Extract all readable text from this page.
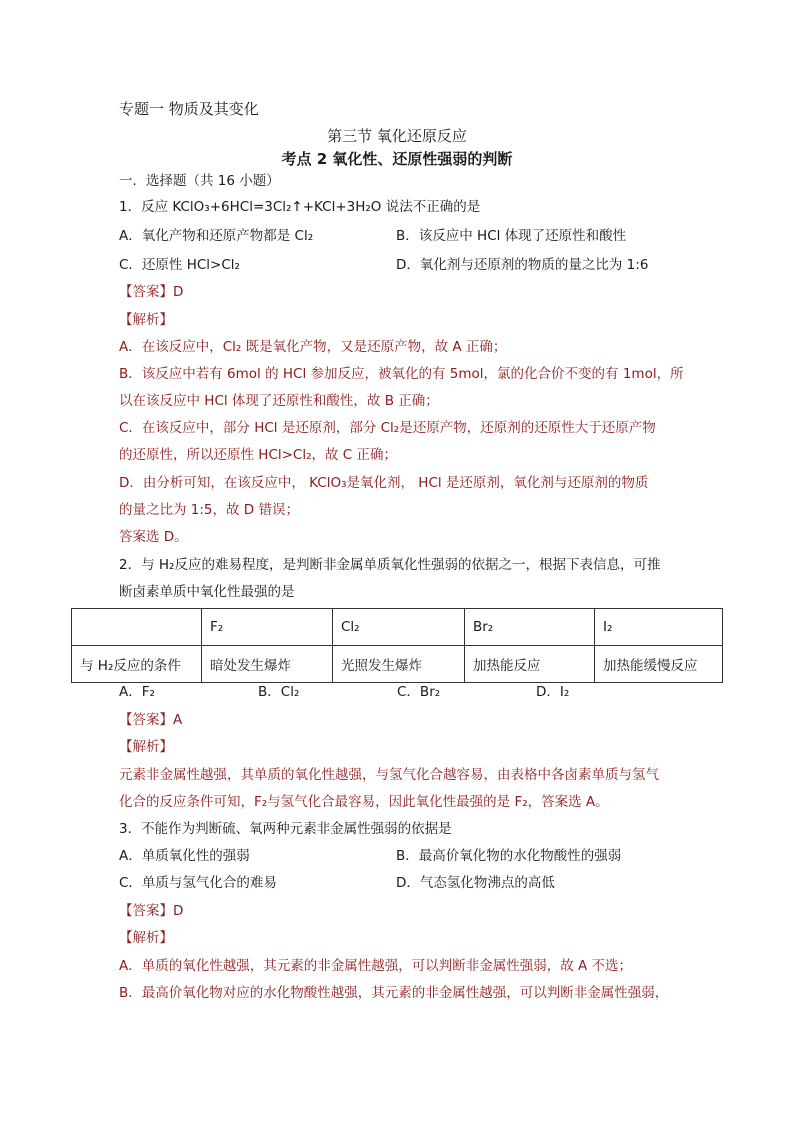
专题一 物质及其变化
第三节 氧化还原反应
考点 2 氧化性、还原性强弱的判断
一．选择题（共 16 小题）
1．反应 KClO₃+6HCl=3Cl₂↑+KCl+3H₂O 说法不正确的是
A．氧化产物和还原产物都是 Cl₂	B．该反应中 HCl 体现了还原性和酸性
C．还原性 HCl>Cl₂	D．氧化剂与还原剂的物质的量之比为 1:6
【答案】D
【解析】
A．在该反应中，Cl₂ 既是氧化产物，又是还原产物，故 A 正确；
B．该反应中若有 6mol 的 HCl 参加反应，被氧化的有 5mol，氯的化合价不变的有 1mol，所
以在该反应中 HCl 体现了还原性和酸性，故 B 正确；
C．在该反应中，部分 HCl 是还原剂，部分 Cl₂是还原产物，还原剂的还原性大于还原产物
的还原性，所以还原性 HCl>Cl₂，故 C 正确；
D．由分析可知，在该反应中， KClO₃是氧化剂， HCl 是还原剂，氧化剂与还原剂的物质
的量之比为 1:5，故 D 错误；
答案选 D。
2．与 H₂反应的难易程度，是判断非金属单质氧化性强弱的依据之一，根据下表信息，可推
断卤素单质中氧化性最强的是
	F₂	Cl₂	Br₂	I₂
与 H₂反应的条件	暗处发生爆炸	光照发生爆炸	加热能反应	加热能缓慢反应
A．F₂	B．Cl₂	C．Br₂	D．I₂
【答案】A
【解析】
元素非金属性越强，其单质的氧化性越强，与氢气化合越容易，由表格中各卤素单质与氢气
化合的反应条件可知，F₂与氢气化合最容易，因此氧化性最强的是 F₂，答案选 A。
3．不能作为判断硫、氧两种元素非金属性强弱的依据是
A．单质氧化性的强弱	B．最高价氧化物的水化物酸性的强弱
C．单质与氢气化合的难易	D．气态氢化物沸点的高低
【答案】D
【解析】
A．单质的氧化性越强，其元素的非金属性越强，可以判断非金属性强弱，故 A 不选；
B．最高价氧化物对应的水化物酸性越强，其元素的非金属性越强，可以判断非金属性强弱，
